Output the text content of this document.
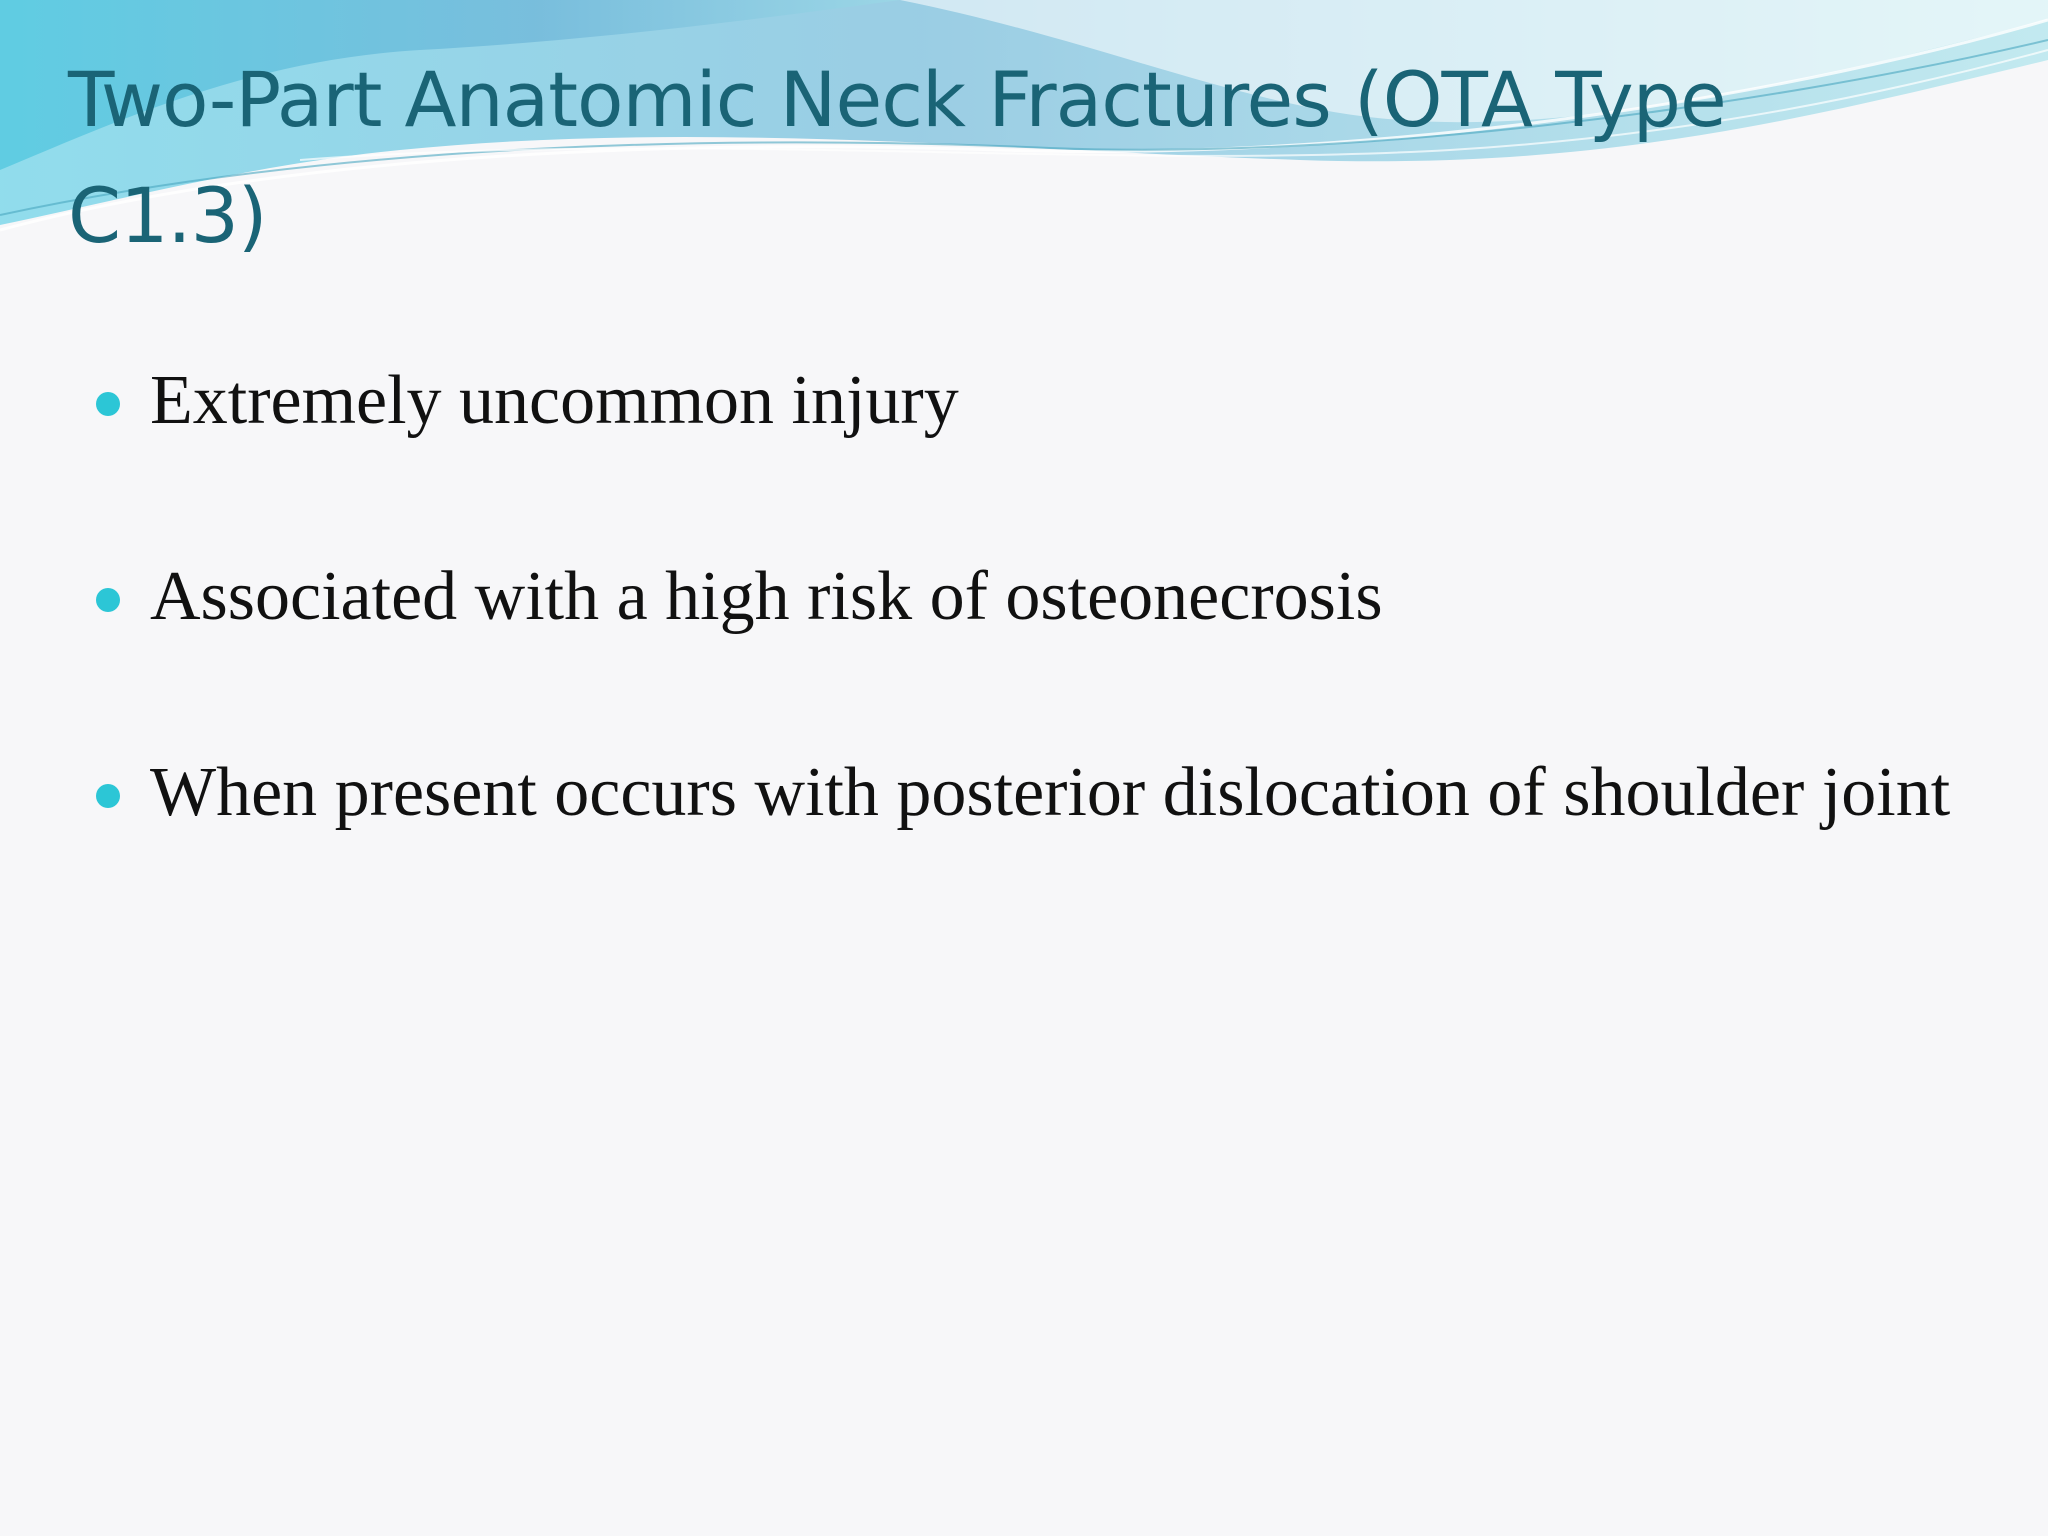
Two-Part Anatomic Neck Fractures (OTA Type C1.3)
Extremely uncommon injury
Associated with a high risk of osteonecrosis
When present occurs with posterior dislocation of shoulder joint
